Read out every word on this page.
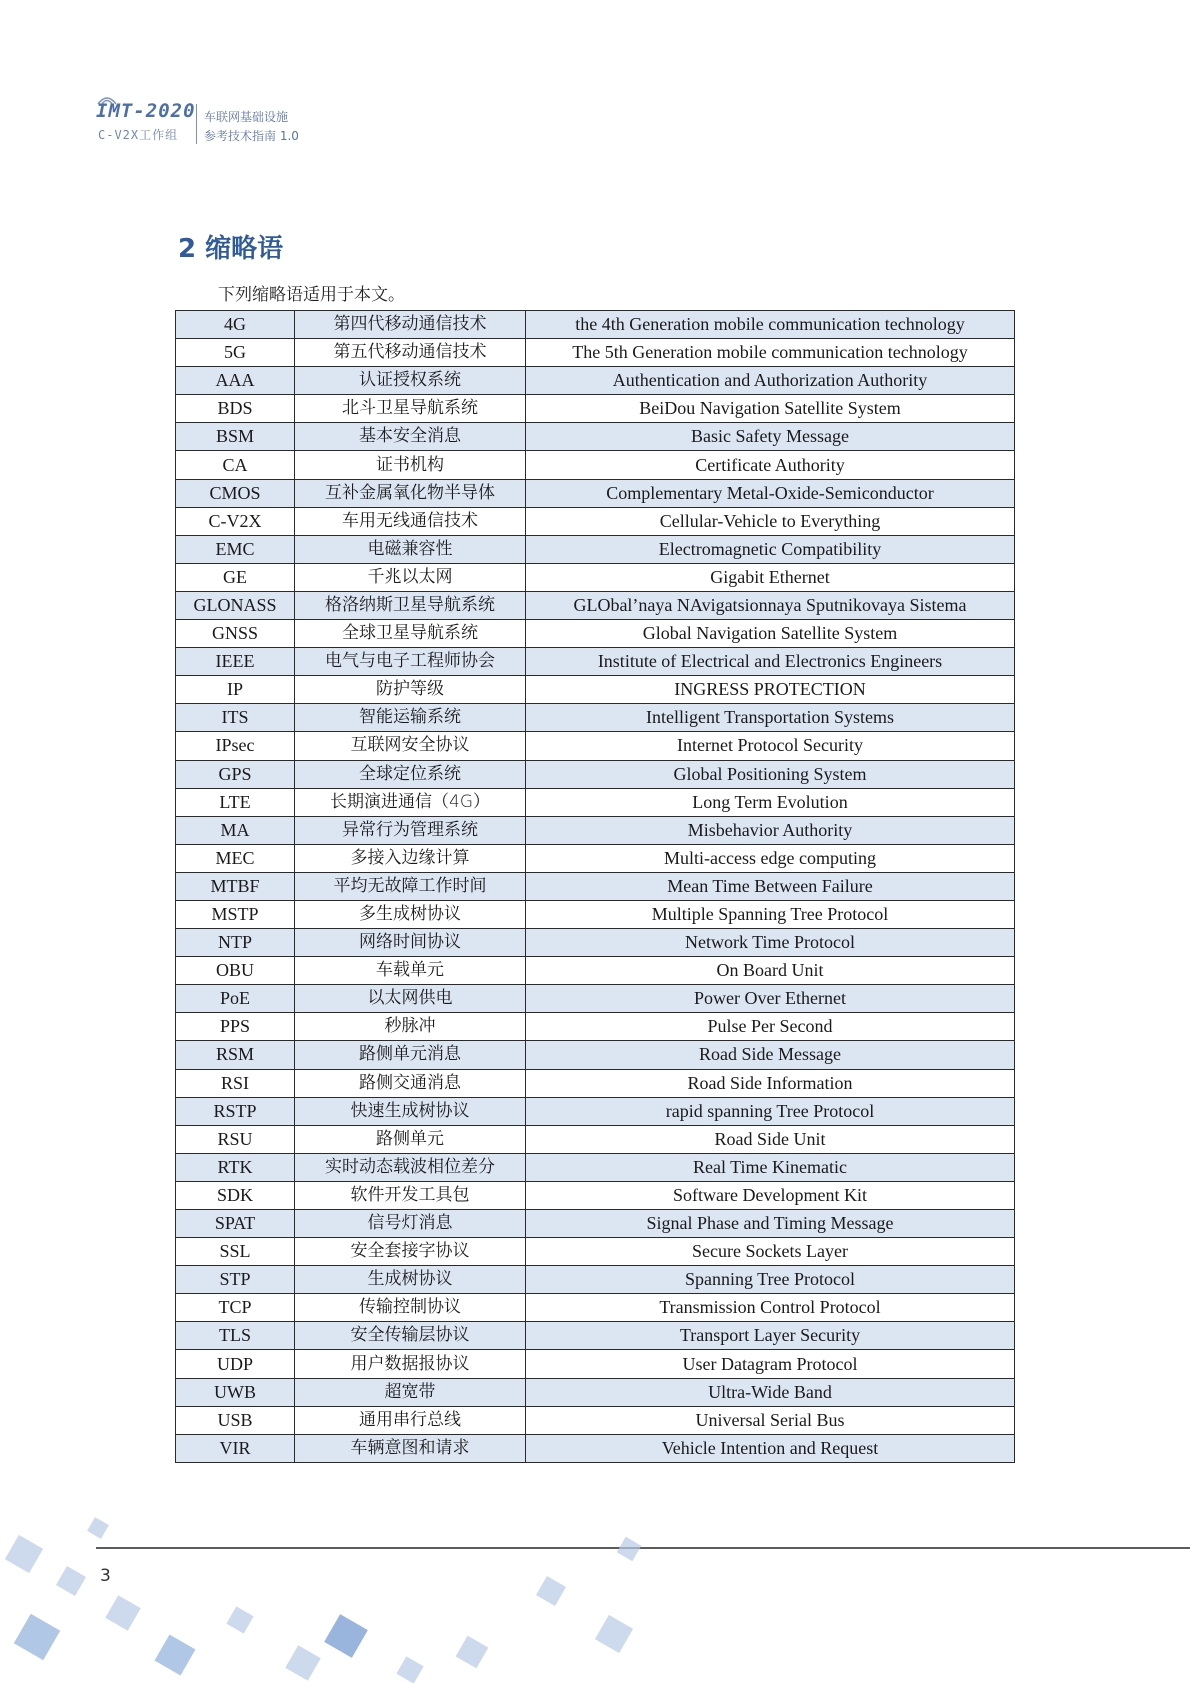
IMT-2020
C-V2X工作组
车联网基础设施
参考技术指南 1.0
2 缩略语
下列缩略语适用于本文。
4G	第四代移动通信技术	the 4th Generation mobile communication technology
5G	第五代移动通信技术	The 5th Generation mobile communication technology
AAA	认证授权系统	Authentication and Authorization Authority
BDS	北斗卫星导航系统	BeiDou Navigation Satellite System
BSM	基本安全消息	Basic Safety Message
CA	证书机构	Certificate Authority
CMOS	互补金属氧化物半导体	Complementary Metal-Oxide-Semiconductor
C-V2X	车用无线通信技术	Cellular-Vehicle to Everything
EMC	电磁兼容性	Electromagnetic Compatibility
GE	千兆以太网	Gigabit Ethernet
GLONASS	格洛纳斯卫星导航系统	GLObal’naya NAvigatsionnaya Sputnikovaya Sistema
GNSS	全球卫星导航系统	Global Navigation Satellite System
IEEE	电气与电子工程师协会	Institute of Electrical and Electronics Engineers
IP	防护等级	INGRESS PROTECTION
ITS	智能运输系统	Intelligent Transportation Systems
IPsec	互联网安全协议	Internet Protocol Security
GPS	全球定位系统	Global Positioning System
LTE	长期演进通信（4G）	Long Term Evolution
MA	异常行为管理系统	Misbehavior Authority
MEC	多接入边缘计算	Multi-access edge computing
MTBF	平均无故障工作时间	Mean Time Between Failure
MSTP	多生成树协议	Multiple Spanning Tree Protocol
NTP	网络时间协议	Network Time Protocol
OBU	车载单元	On Board Unit
PoE	以太网供电	Power Over Ethernet
PPS	秒脉冲	Pulse Per Second
RSM	路侧单元消息	Road Side Message
RSI	路侧交通消息	Road Side Information
RSTP	快速生成树协议	rapid spanning Tree Protocol
RSU	路侧单元	Road Side Unit
RTK	实时动态载波相位差分	Real Time Kinematic
SDK	软件开发工具包	Software Development Kit
SPAT	信号灯消息	Signal Phase and Timing Message
SSL	安全套接字协议	Secure Sockets Layer
STP	生成树协议	Spanning Tree Protocol
TCP	传输控制协议	Transmission Control Protocol
TLS	安全传输层协议	Transport Layer Security
UDP	用户数据报协议	User Datagram Protocol
UWB	超宽带	Ultra-Wide Band
USB	通用串行总线	Universal Serial Bus
VIR	车辆意图和请求	Vehicle Intention and Request
3
